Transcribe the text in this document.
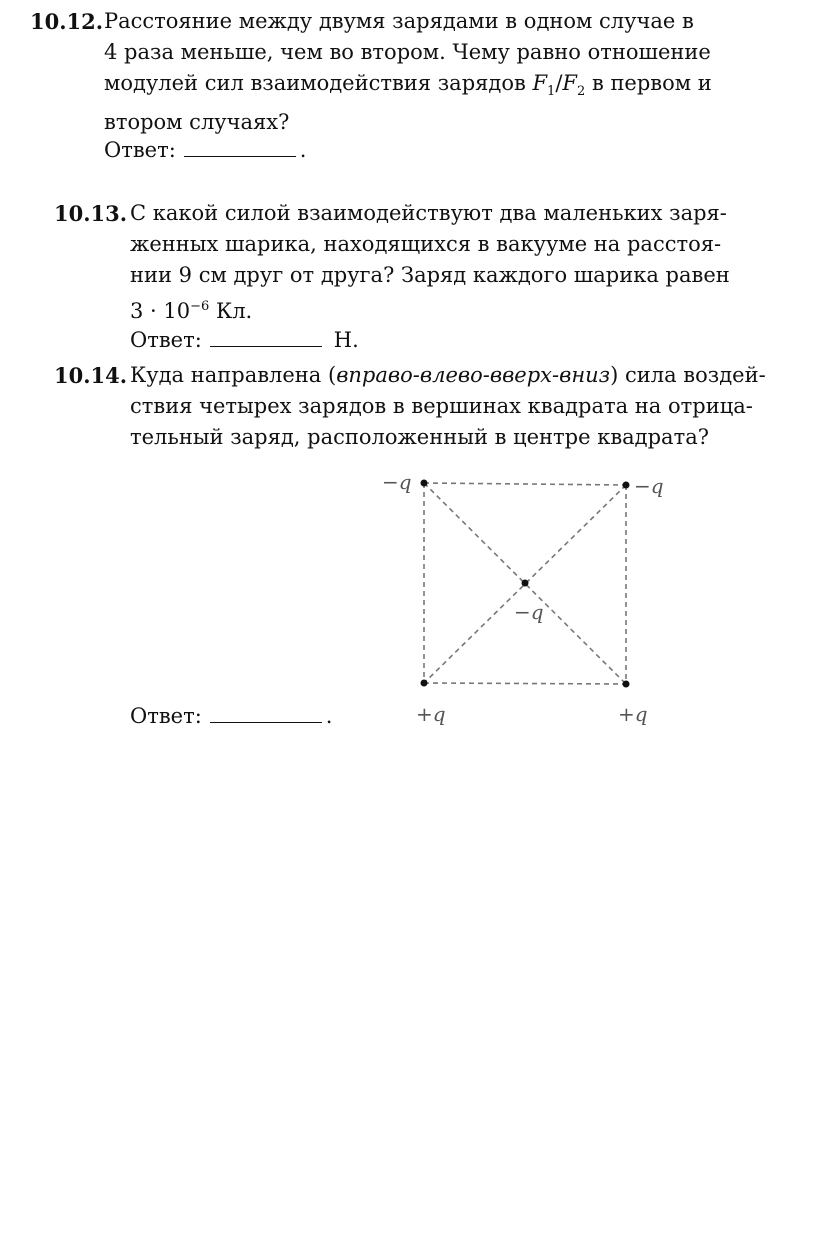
10.12. Расстояние между двумя зарядами в одном случае в
4 раза меньше, чем во втором. Чему равно отношение
модулей сил взаимодействия зарядов $F_1/F_2$ в первом и
втором случаях?
Ответ:	.
10.13. С какой силой взаимодействуют два маленьких заря-
женных шарика, находящихся в вакууме на расстоя-
нии 9 см друг от друга? Заряд каждого шарика равен
$3 \cdot 10^{-6}$ Кл.
Ответ:	Н.
10.14. Куда направлена (вправо-влево-вверх-вниз) сила воздей-
ствия четырех зарядов в вершинах квадрата на отрица-
тельный заряд, расположенный в центре квадрата?
−q	−q
−q
+q	+q
Ответ:	.
